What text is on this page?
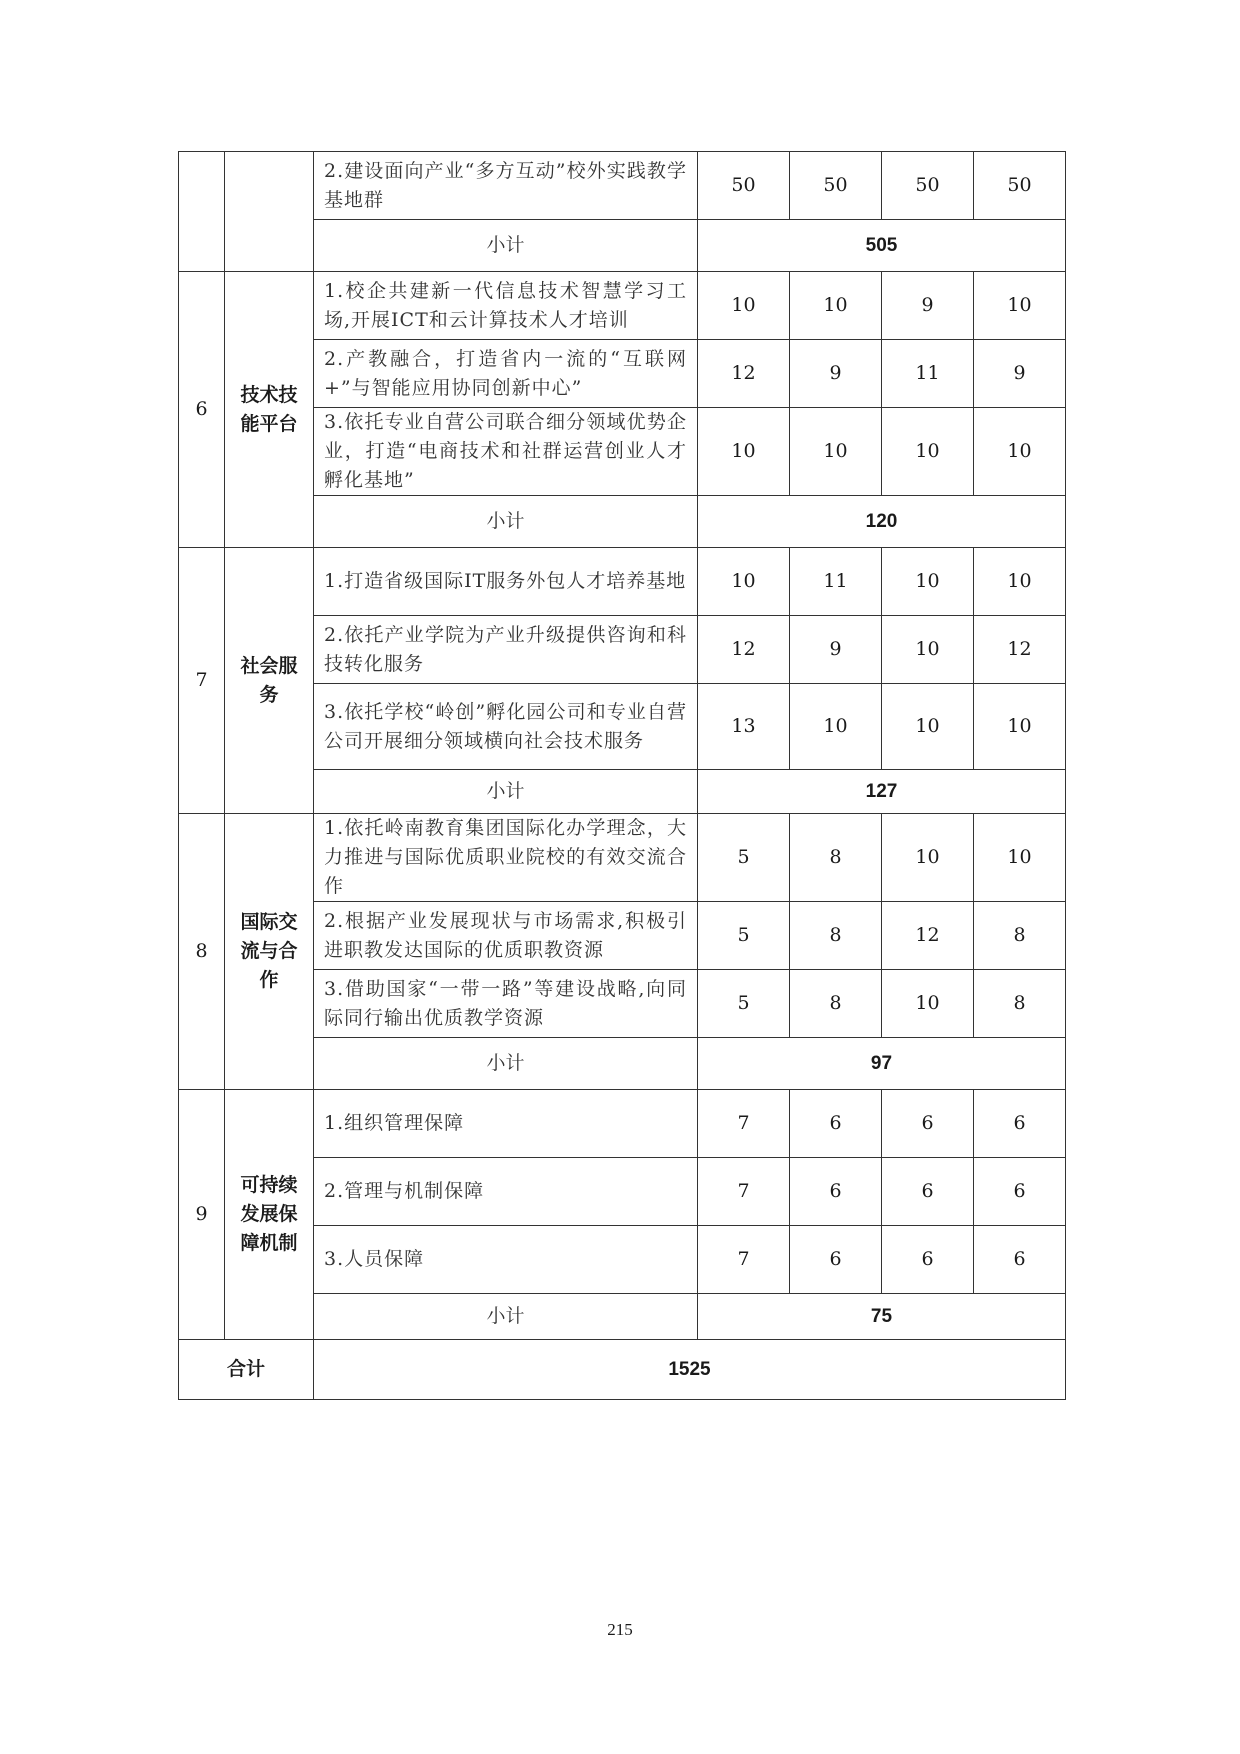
		2.建设面向产业“多方互动”校外实践教学基地群	50	50	50	50
		小计	505			
6	技术技能平台	1.校企共建新一代信息技术智慧学习工场,开展ICT和云计算技术人才培训	10	10	9	10
		2.产教融合，打造省内一流的“互联网+”与智能应用协同创新中心”	12	9	11	9
		3.依托专业自营公司联合细分领域优势企业，打造“电商技术和社群运营创业人才孵化基地”	10	10	10	10
		小计	120			
7	社会服务	1.打造省级国际IT服务外包人才培养基地	10	11	10	10
		2.依托产业学院为产业升级提供咨询和科技转化服务	12	9	10	12
		3.依托学校“岭创”孵化园公司和专业自营公司开展细分领域横向社会技术服务	13	10	10	10
		小计	127			
8	国际交流与合作	1.依托岭南教育集团国际化办学理念，大力推进与国际优质职业院校的有效交流合作	5	8	10	10
		2.根据产业发展现状与市场需求,积极引进职教发达国际的优质职教资源	5	8	12	8
		3.借助国家“一带一路”等建设战略,向同际同行输出优质教学资源	5	8	10	8
		小计	97			
9	可持续发展保障机制	1.组织管理保障	7	6	6	6
		2.管理与机制保障	7	6	6	6
		3.人员保障	7	6	6	6
		小计	75			
合计		1525				
215
